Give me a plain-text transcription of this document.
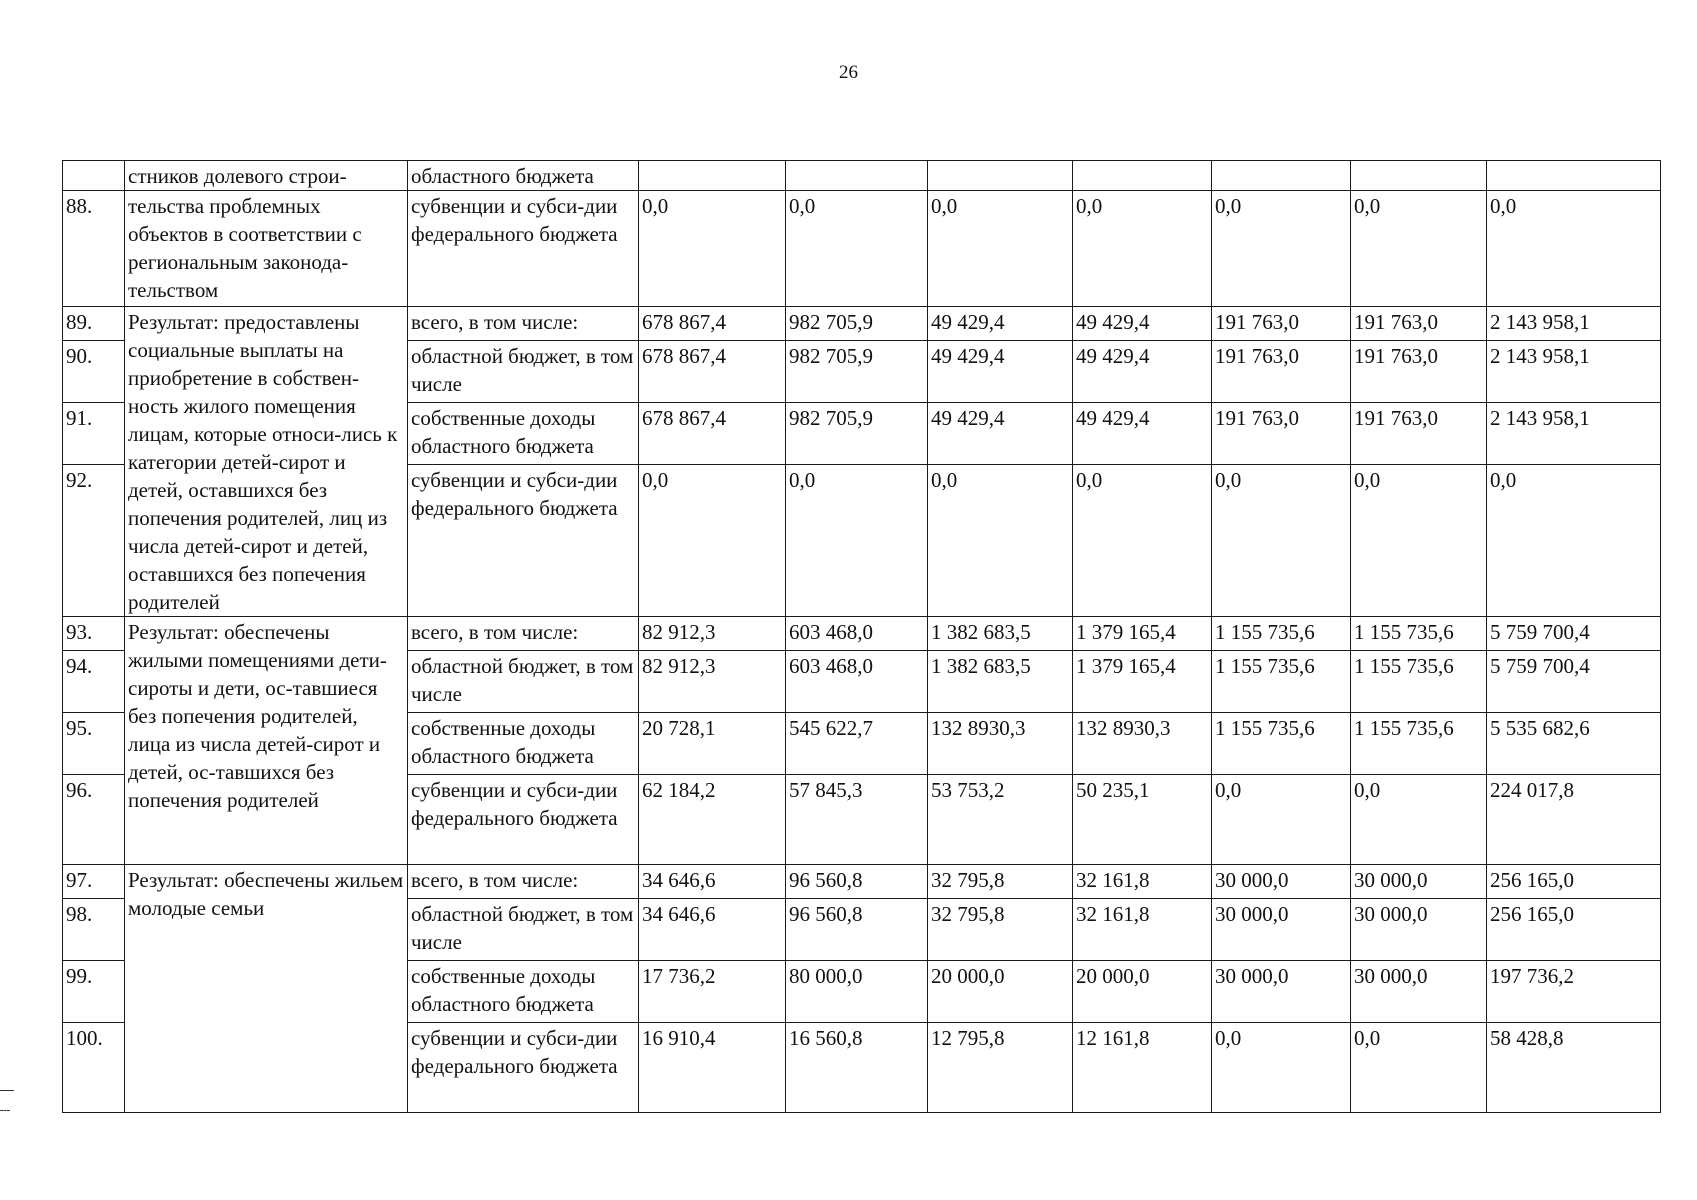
26
	стников долевого строи-	областного бюджета							
88.	тельства проблемных объектов в соответствии с региональным законода-тельством	субвенции и субси-дии федерального бюджета	0,0	0,0	0,0	0,0	0,0	0,0	0,0
89.	Результат: предоставлены социальные выплаты на приобретение в собствен-ность жилого помещения лицам, которые относи-лись к категории детей-сирот и детей, оставшихся без попечения родителей, лиц из числа детей-сирот и детей, оставшихся без попечения родителей	всего, в том числе:	678 867,4	982 705,9	49 429,4	49 429,4	191 763,0	191 763,0	2 143 958,1
90.		областной бюджет, в том числе	678 867,4	982 705,9	49 429,4	49 429,4	191 763,0	191 763,0	2 143 958,1
91.		собственные доходы областного бюджета	678 867,4	982 705,9	49 429,4	49 429,4	191 763,0	191 763,0	2 143 958,1
92.		субвенции и субси-дии федерального бюджета	0,0	0,0	0,0	0,0	0,0	0,0	0,0
93.	Результат: обеспечены жилыми помещениями дети-сироты и дети, ос-тавшиеся без попечения родителей, лица из числа детей-сирот и детей, ос-тавшихся без попечения родителей	всего, в том числе:	82 912,3	603 468,0	1 382 683,5	1 379 165,4	1 155 735,6	1 155 735,6	5 759 700,4
94.		областной бюджет, в том числе	82 912,3	603 468,0	1 382 683,5	1 379 165,4	1 155 735,6	1 155 735,6	5 759 700,4
95.		собственные доходы областного бюджета	20 728,1	545 622,7	132 8930,3	132 8930,3	1 155 735,6	1 155 735,6	5 535 682,6
96.		субвенции и субси-дии федерального бюджета	62 184,2	57 845,3	53 753,2	50 235,1	0,0	0,0	224 017,8
97.	Результат: обеспечены жильем молодые семьи	всего, в том числе:	34 646,6	96 560,8	32 795,8	32 161,8	30 000,0	30 000,0	256 165,0
98.		областной бюджет, в том числе	34 646,6	96 560,8	32 795,8	32 161,8	30 000,0	30 000,0	256 165,0
99.		собственные доходы областного бюджета	17 736,2	80 000,0	20 000,0	20 000,0	30 000,0	30 000,0	197 736,2
100.		субвенции и субси-дии федерального бюджета	16 910,4	16 560,8	12 795,8	12 161,8	0,0	0,0	58 428,8
